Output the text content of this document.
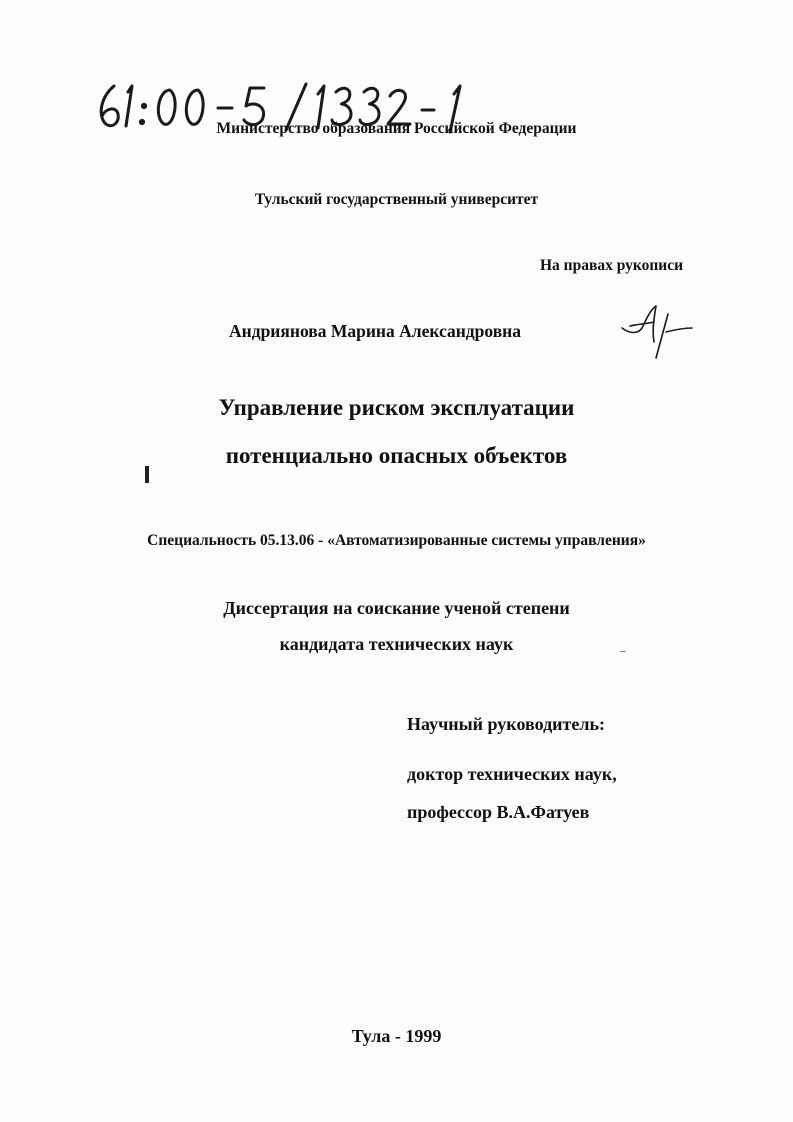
Министерство образования Российской Федерации
Тульский государственный университет
На правах рукописи
Андриянова Марина Александровна
Управление риском эксплуатации
потенциально опасных объектов
Специальность 05.13.06 - «Автоматизированные системы управления»
Диссертация на соискание ученой степени
кандидата технических наук
Научный руководитель:
доктор технических наук,
профессор В.А.Фатуев
Тула - 1999
